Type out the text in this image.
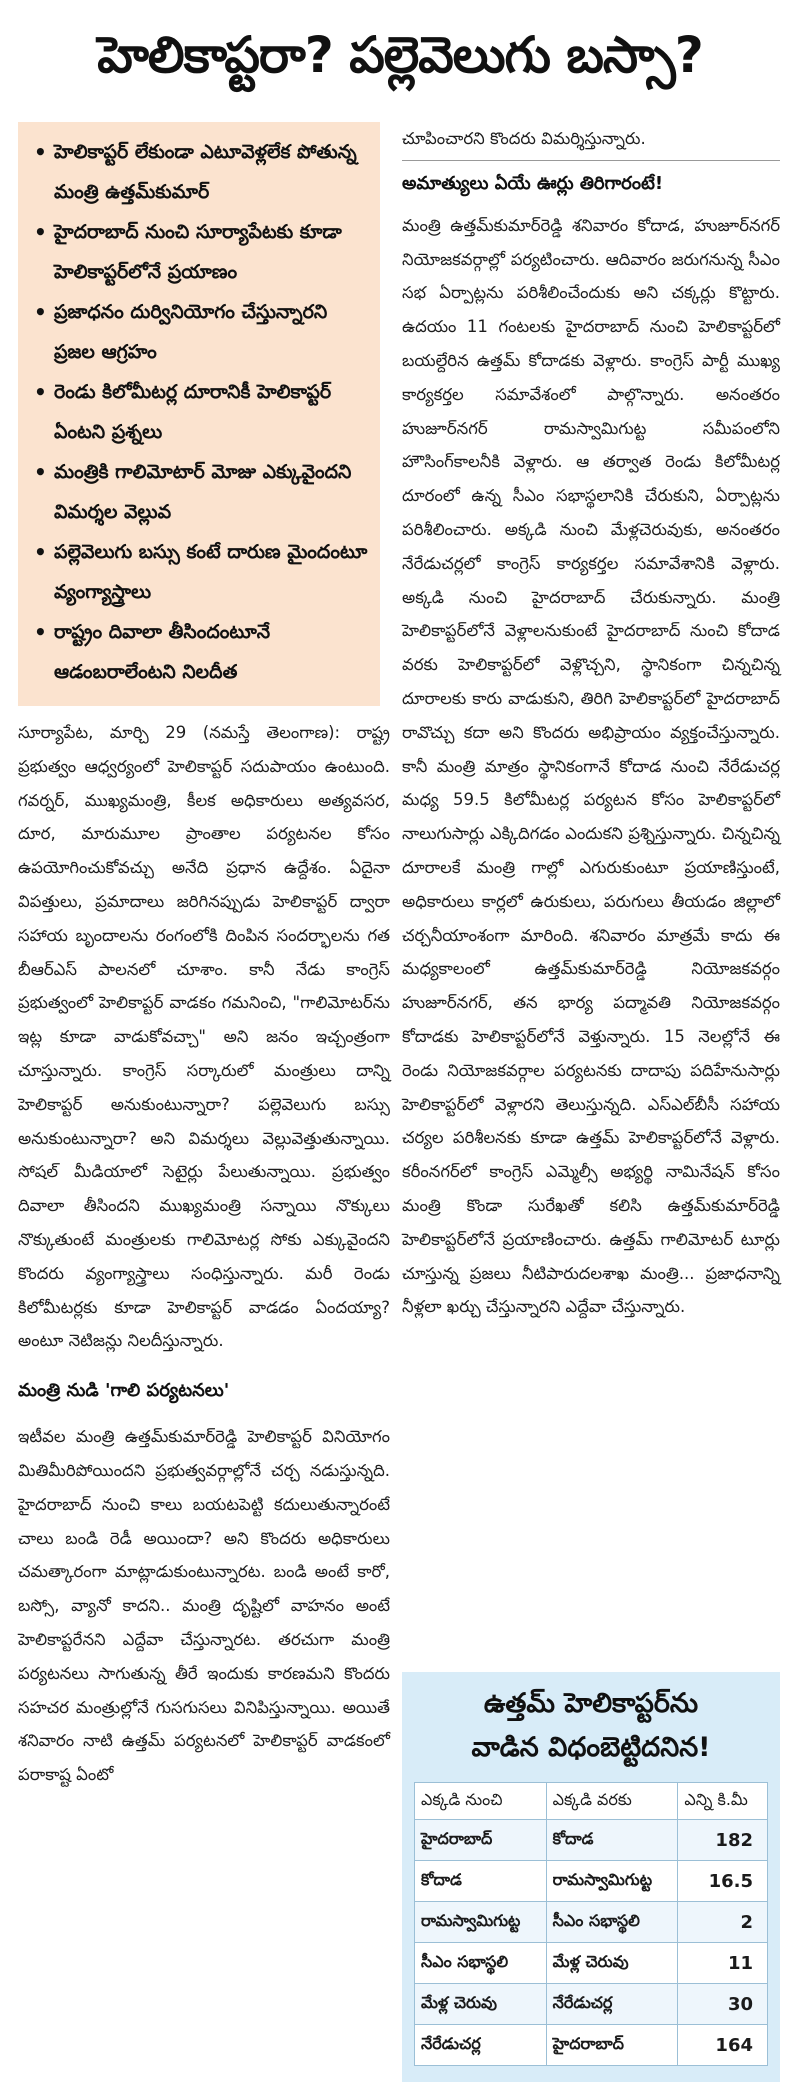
హెలికాప్టరా? పల్లెవెలుగు బస్సా?
• హెలికాప్టర్ లేకుండా ఎటూవెళ్లలేక పోతున్న మంత్రి ఉత్తమ్‌కుమార్
• హైదరాబాద్ నుంచి సూర్యాపేటకు కూడా హెలికాప్టర్‌లోనే ప్రయాణం
• ప్రజాధనం దుర్వినియోగం చేస్తున్నారని ప్రజల ఆగ్రహం
• రెండు కిలోమీటర్ల దూరానికీ హెలికాప్టర్ ఏంటని ప్రశ్నలు
• మంత్రికి గాలిమోటార్ మోజు ఎక్కువైందని విమర్శల వెల్లువ
• పల్లెవెలుగు బస్సు కంటే దారుణ మైందంటూ వ్యంగ్యాస్త్రాలు
• రాష్ట్రం దివాలా తీసిందంటూనే ఆడంబరాలేంటని నిలదీత

సూర్యాపేట, మార్చి 29 (నమస్తే తెలంగాణ): రాష్ట్ర ప్రభుత్వం ఆధ్వర్యంలో హెలికాప్టర్ సదుపాయం ఉంటుంది. గవర్నర్, ముఖ్యమంత్రి, కీలక అధికారులు అత్యవసర, దూర, మారుమూల ప్రాంతాల పర్యటనల కోసం ఉపయోగించుకోవచ్చు అనేది ప్రధాన ఉద్దేశం. ఏదైనా విపత్తులు, ప్రమాదాలు జరిగినప్పుడు హెలికాప్టర్ ద్వారా సహాయ బృందాలను రంగంలోకి దింపిన సందర్భాలను గత బీఆర్ఎస్ పాలనలో చూశాం. కానీ నేడు కాంగ్రెస్ ప్రభుత్వంలో హెలికాప్టర్ వాడకం గమనించి, "గాలిమోటర్‌ను ఇట్ల కూడా వాడుకోవచ్చా" అని జనం ఇచ్చంత్రంగా చూస్తున్నారు. కాంగ్రెస్ సర్కారులో మంత్రులు దాన్ని హెలికాప్టర్ అనుకుంటున్నారా? పల్లెవెలుగు బస్సు అనుకుంటున్నారా? అని విమర్శలు వెల్లువెత్తుతున్నాయి. సోషల్ మీడియాలో సెటైర్లు పేలుతున్నాయి. ప్రభుత్వం దివాలా తీసిందని ముఖ్యమంత్రి సన్నాయి నొక్కులు నొక్కుతుంటే మంత్రులకు గాలిమోటర్ల సోకు ఎక్కువైందని కొందరు వ్యంగ్యాస్త్రాలు సంధిస్తున్నారు. మరీ రెండు కిలోమీటర్లకు కూడా హెలికాప్టర్ వాడడం ఏందయ్యా? అంటూ నెటిజన్లు నిలదీస్తున్నారు.

మంత్రి నుడి 'గాలి పర్యటనలు'

ఇటీవల మంత్రి ఉత్తమ్‌కుమార్‌రెడ్డి హెలికాప్టర్ వినియోగం మితిమీరిపోయిందని ప్రభుత్వవర్గాల్లోనే చర్చ నడుస్తున్నది. హైదరాబాద్ నుంచి కాలు బయటపెట్టి కదులుతున్నారంటే చాలు బండి రెడీ అయిందా? అని కొందరు అధికారులు చమత్కారంగా మాట్లాడుకుంటున్నారట. బండి అంటే కారో, బస్సో, వ్యానో కాదని.. మంత్రి దృష్టిలో వాహనం అంటే హెలికాప్టరేనని ఎద్దేవా చేస్తున్నారట. తరచుగా మంత్రి పర్యటనలు సాగుతున్న తీరే ఇందుకు కారణమని కొందరు సహచర మంత్రుల్లోనే గుసగుసలు వినిపిస్తున్నాయి. అయితే శనివారం నాటి ఉత్తమ్ పర్యటనలో హెలికాప్టర్ వాడకంలో పరాకాష్ట ఏంటో

చూపించారని కొందరు విమర్శిస్తున్నారు.

అమాత్యులు ఏయే ఊర్లు తిరిగారంటే!

మంత్రి ఉత్తమ్‌కుమార్‌రెడ్డి శనివారం కోదాడ, హుజూర్‌నగర్ నియోజకవర్గాల్లో పర్యటించారు. ఆదివారం జరుగనున్న సీఎం సభ ఏర్పాట్లను పరిశీలించేందుకు అని చక్కర్లు కొట్టారు. ఉదయం 11 గంటలకు హైదరాబాద్ నుంచి హెలికాప్టర్‌లో బయల్దేరిన ఉత్తమ్ కోదాడకు వెళ్లారు. కాంగ్రెస్ పార్టీ ముఖ్య కార్యకర్తల సమావేశంలో పాల్గొన్నారు. అనంతరం హుజూర్‌నగర్ రామస్వామిగుట్ట సమీపంలోని హౌసింగ్‌కాలనీకి వెళ్లారు. ఆ తర్వాత రెండు కిలోమీటర్ల దూరంలో ఉన్న సీఎం సభాస్థలానికి చేరుకుని, ఏర్పాట్లను పరిశీలించారు. అక్కడి నుంచి మేళ్లచెరువుకు, అనంతరం నేరేడుచర్లలో కాంగ్రెస్ కార్యకర్తల సమావేశానికి వెళ్లారు. అక్కడి నుంచి హైదరాబాద్ చేరుకున్నారు. మంత్రి హెలికాప్టర్‌లోనే వెళ్లాలనుకుంటే హైదరాబాద్ నుంచి కోదాడ వరకు హెలికాప్టర్‌లో వెళ్లొచ్చని, స్థానికంగా చిన్నచిన్న దూరాలకు కారు వాడుకుని, తిరిగి హెలికాప్టర్‌లో హైదరాబాద్ రావొచ్చు కదా అని కొందరు అభిప్రాయం వ్యక్తంచేస్తున్నారు. కానీ మంత్రి మాత్రం స్థానికంగానే కోదాడ నుంచి నేరేడుచర్ల మధ్య 59.5 కిలోమీటర్ల పర్యటన కోసం హెలికాప్టర్‌లో నాలుగుసార్లు ఎక్కిదిగడం ఎందుకని ప్రశ్నిస్తున్నారు. చిన్నచిన్న దూరాలకే మంత్రి గాల్లో ఎగురుకుంటూ ప్రయాణిస్తుంటే, అధికారులు కార్లలో ఉరుకులు, పరుగులు తీయడం జిల్లాలో చర్చనీయాంశంగా మారింది. శనివారం మాత్రమే కాదు ఈ మధ్యకాలంలో ఉత్తమ్‌కుమార్‌రెడ్డి నియోజకవర్గం హుజూర్‌నగర్, తన భార్య పద్మావతి నియోజకవర్గం కోదాడకు హెలికాప్టర్‌లోనే వెళ్తున్నారు. 15 నెలల్లోనే ఈ రెండు నియోజకవర్గాల పర్యటనకు దాదాపు పదిహేనుసార్లు హెలికాప్టర్‌లో వెళ్లారని తెలుస్తున్నది. ఎస్‌ఎల్‌బీసీ సహాయ చర్యల పరిశీలనకు కూడా ఉత్తమ్ హెలికాప్టర్‌లోనే వెళ్లారు. కరీంనగర్‌లో కాంగ్రెస్ ఎమ్మెల్సీ అభ్యర్థి నామినేషన్ కోసం మంత్రి కొండా సురేఖతో కలిసి ఉత్తమ్‌కుమార్‌రెడ్డి హెలికాప్టర్‌లోనే ప్రయాణించారు. ఉత్తమ్ గాలిమోటర్ టూర్లు చూస్తున్న ప్రజలు నీటిపారుదలశాఖ మంత్రి... ప్రజాధనాన్ని నీళ్లలా ఖర్చు చేస్తున్నారని ఎద్దేవా చేస్తున్నారు.

ఉత్తమ్ హెలికాప్టర్‌ను
వాడిన విధంబెట్టిదనిన!
ఎక్కడి నుంచి	ఎక్కడి వరకు	ఎన్ని కి.మీ
హైదరాబాద్	కోదాడ	182
కోదాడ	రామస్వామిగుట్ట	16.5
రామస్వామిగుట్ట	సీఎం సభాస్థలి	2
సీఎం సభాస్థలి	మేళ్ల చెరువు	11
మేళ్ల చెరువు	నేరేడుచర్ల	30
నేరేడుచర్ల	హైదరాబాద్	164
